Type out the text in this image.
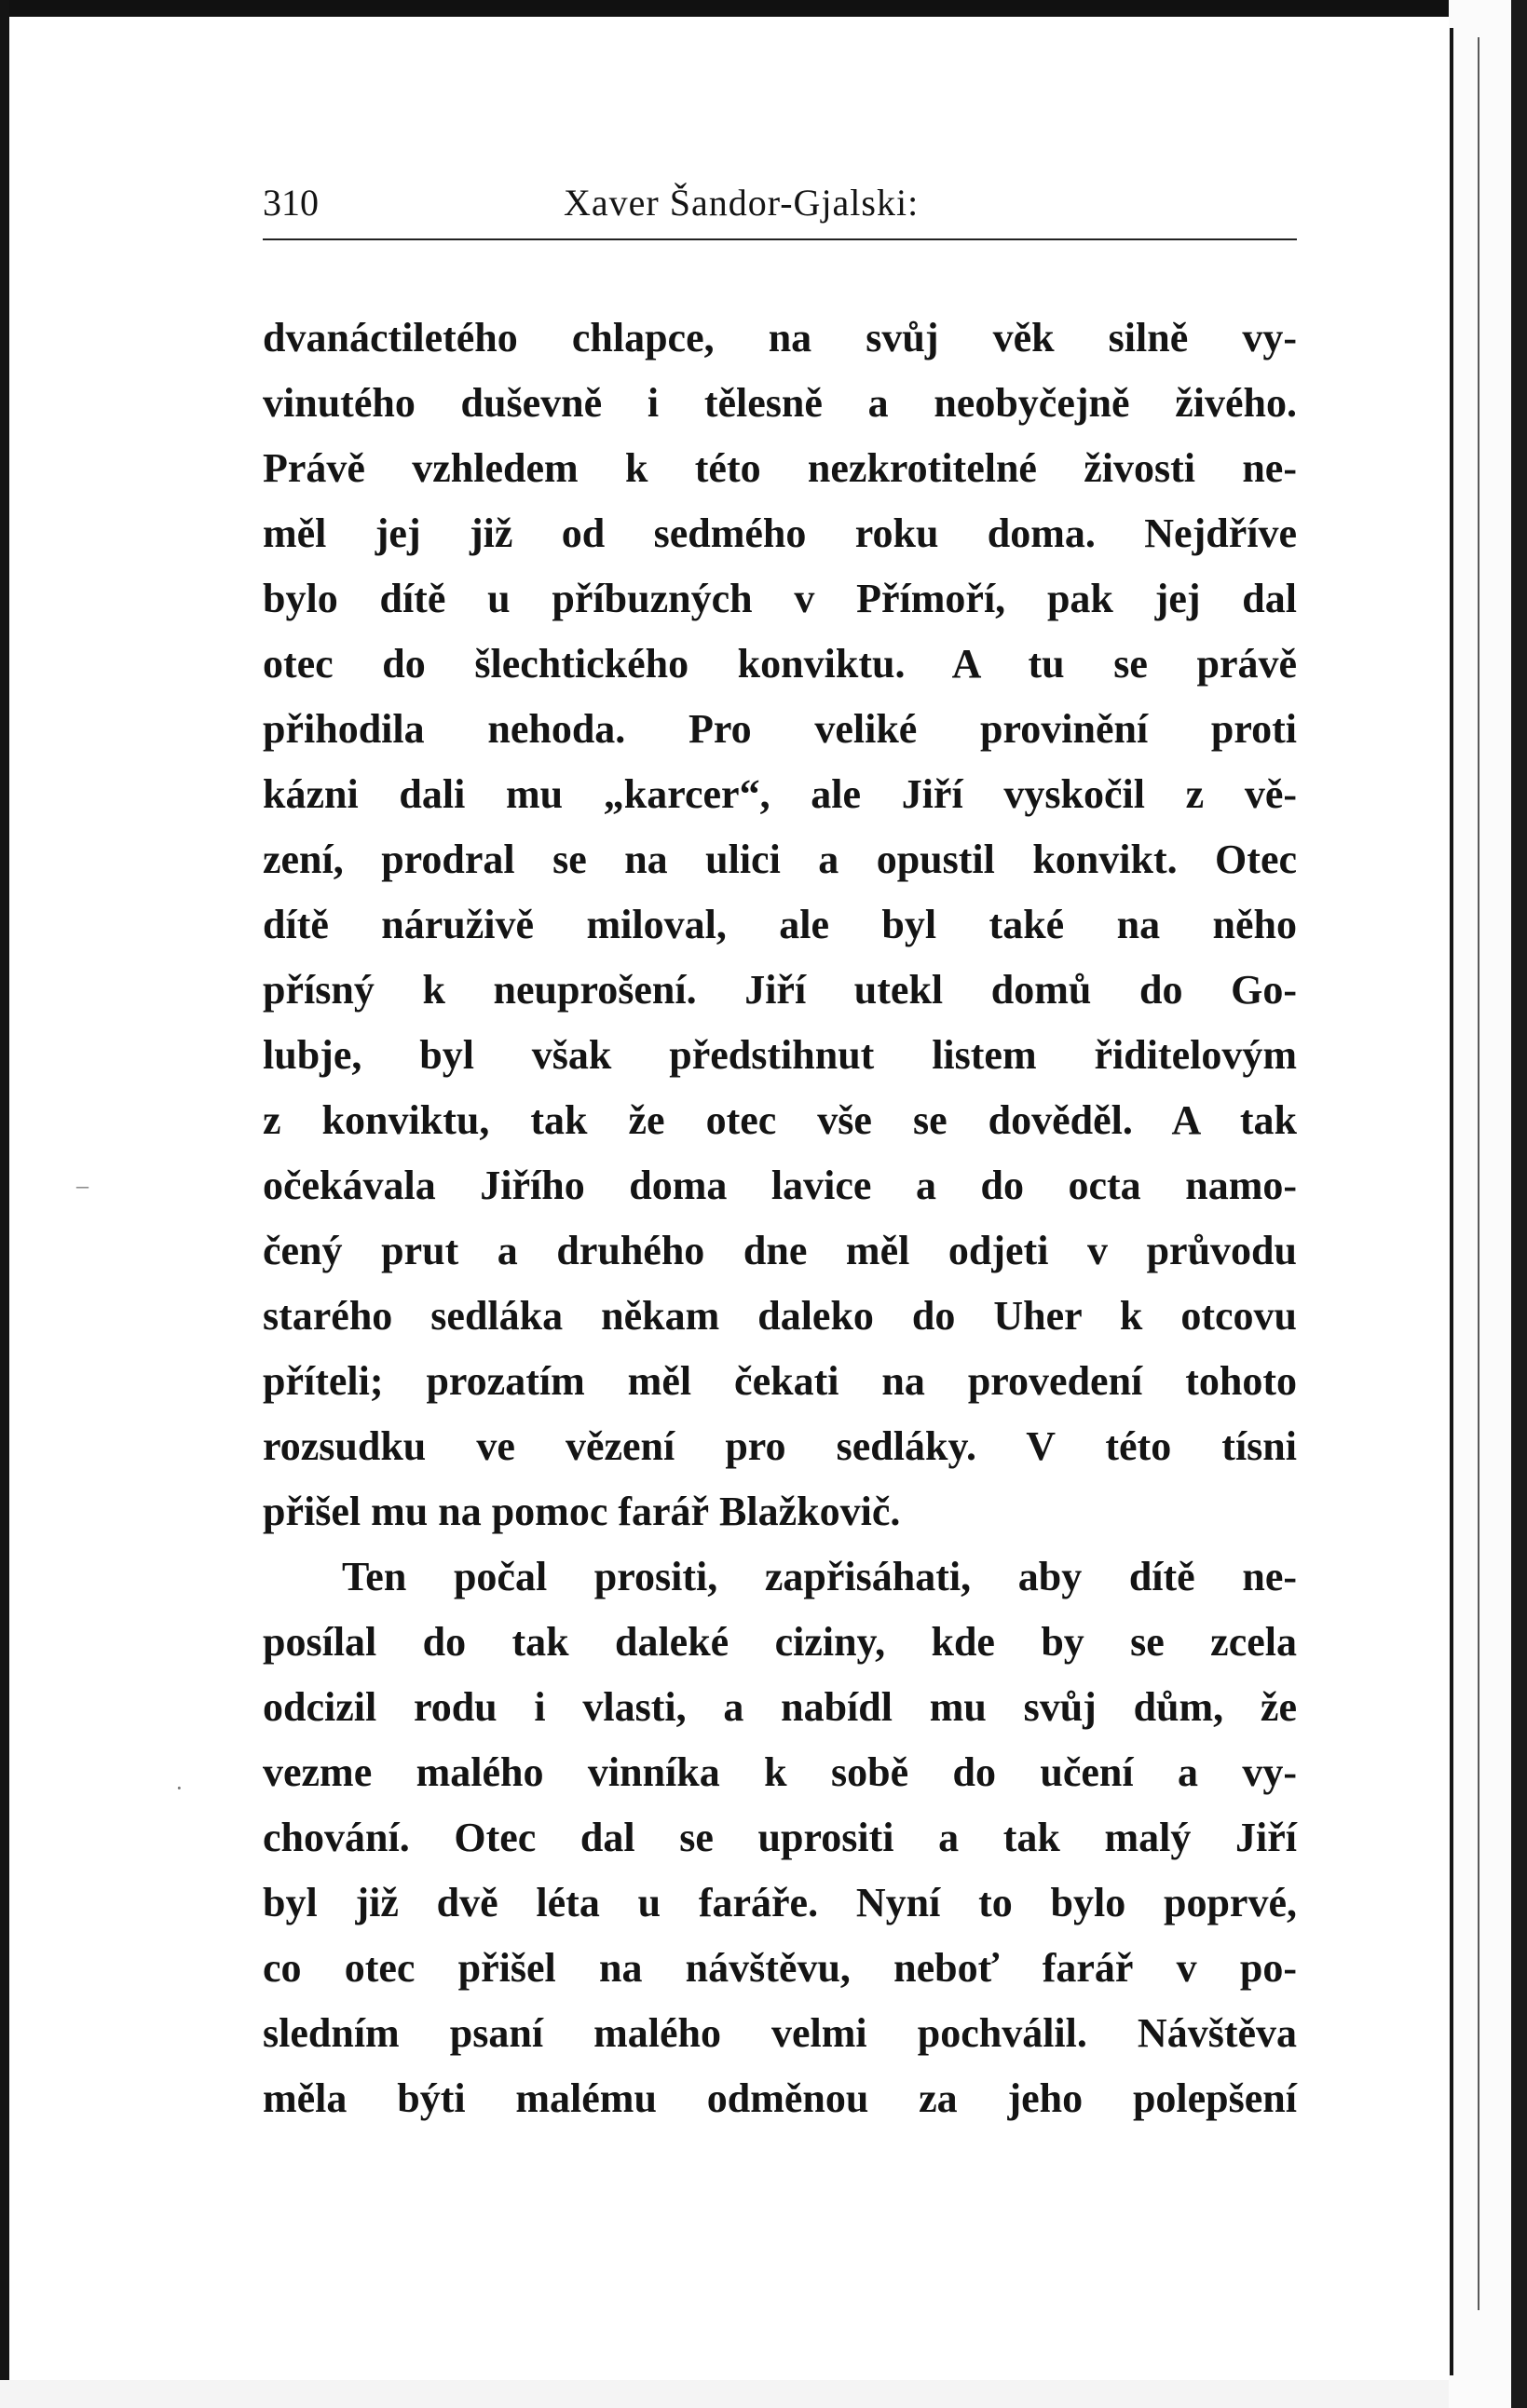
–
·
310	Xaver Šandor-Gjalski:
dvanáctiletého chlapce, na svůj věk silně vy-
vinutého duševně i tělesně a neobyčejně živého.
Právě vzhledem k této nezkrotitelné živosti ne-
měl jej již od sedmého roku doma. Nejdříve
bylo dítě u příbuzných v Přímoří, pak jej dal
otec do šlechtického konviktu. A tu se právě
přihodila nehoda. Pro veliké provinění proti
kázni dali mu „karcer“, ale Jiří vyskočil z vě-
zení, prodral se na ulici a opustil konvikt. Otec
dítě náruživě miloval, ale byl také na něho
přísný k neuprošení. Jiří utekl domů do Go-
lubje, byl však předstihnut listem řiditelovým
z konviktu, tak že otec vše se dověděl. A tak
očekávala Jiřího doma lavice a do octa namo-
čený prut a druhého dne měl odjeti v průvodu
starého sedláka někam daleko do Uher k otcovu
příteli; prozatím měl čekati na provedení tohoto
rozsudku ve vězení pro sedláky. V této tísni
přišel mu na pomoc farář Blažkovič.
Ten počal prositi, zapřisáhati, aby dítě ne-
posílal do tak daleké ciziny, kde by se zcela
odcizil rodu i vlasti, a nabídl mu svůj dům, že
vezme malého vinníka k sobě do učení a vy-
chování. Otec dal se uprositi a tak malý Jiří
byl již dvě léta u faráře. Nyní to bylo poprvé,
co otec přišel na návštěvu, neboť farář v po-
sledním psaní malého velmi pochválil. Návštěva
měla býti malému odměnou za jeho polepšení
